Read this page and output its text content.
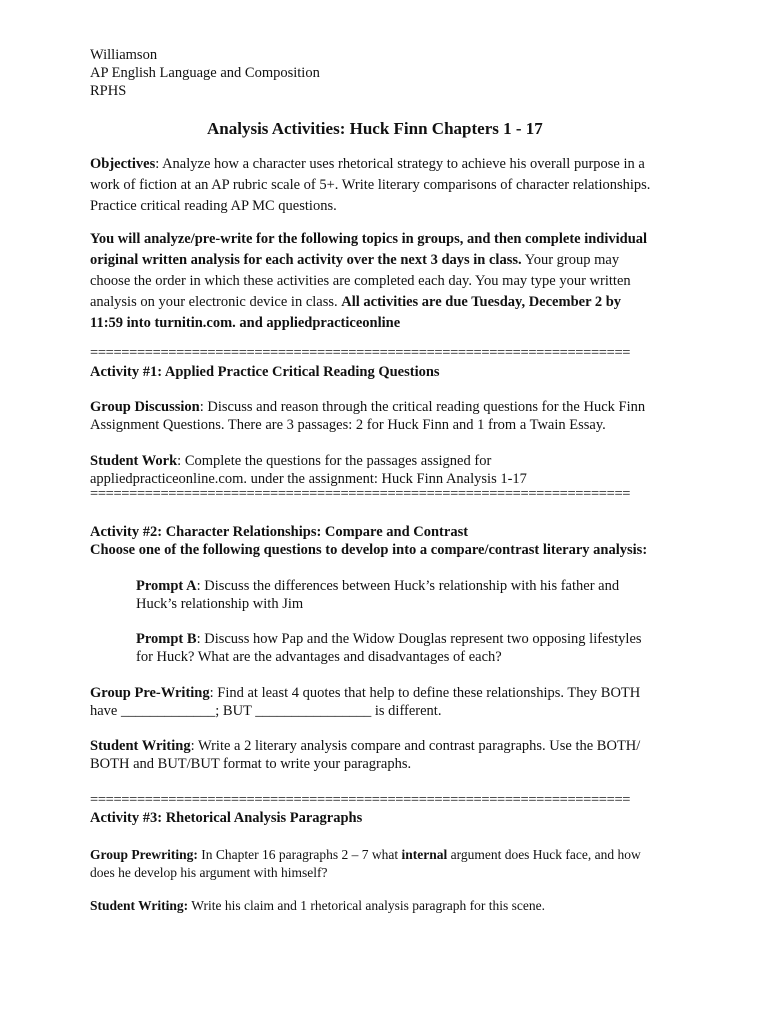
Williamson
AP English Language and Composition
RPHS
Analysis Activities: Huck Finn Chapters 1 - 17
Objectives: Analyze how a character uses rhetorical strategy to achieve his overall purpose in a
work of fiction at an AP rubric scale of 5+. Write literary comparisons of character relationships.
Practice critical reading AP MC questions.
You will analyze/pre-write for the following topics in groups, and then complete individual
original written analysis for each activity over the next 3 days in class. Your group may
choose the order in which these activities are completed each day. You may type your written
analysis on your electronic device in class. All activities are due Tuesday, December 2 by
11:59 into turnitin.com. and appliedpracticeonline
=====================================================================
Activity #1: Applied Practice Critical Reading Questions
Group Discussion: Discuss and reason through the critical reading questions for the Huck Finn
Assignment Questions. There are 3 passages: 2 for Huck Finn and 1 from a Twain Essay.
Student Work: Complete the questions for the passages assigned for
appliedpracticeonline.com. under the assignment: Huck Finn Analysis 1-17
=====================================================================
Activity #2: Character Relationships: Compare and Contrast
Choose one of the following questions to develop into a compare/contrast literary analysis:
Prompt A: Discuss the differences between Huck’s relationship with his father and
Huck’s relationship with Jim
Prompt B: Discuss how Pap and the Widow Douglas represent two opposing lifestyles
for Huck? What are the advantages and disadvantages of each?
Group Pre-Writing: Find at least 4 quotes that help to define these relationships. They BOTH
have _____________; BUT ________________ is different.
Student Writing: Write a 2 literary analysis compare and contrast paragraphs. Use the BOTH/
BOTH and BUT/BUT format to write your paragraphs.
=====================================================================
Activity #3: Rhetorical Analysis Paragraphs
Group Prewriting: In Chapter 16 paragraphs 2 – 7 what internal argument does Huck face, and how
does he develop his argument with himself?
Student Writing: Write his claim and 1 rhetorical analysis paragraph for this scene.
